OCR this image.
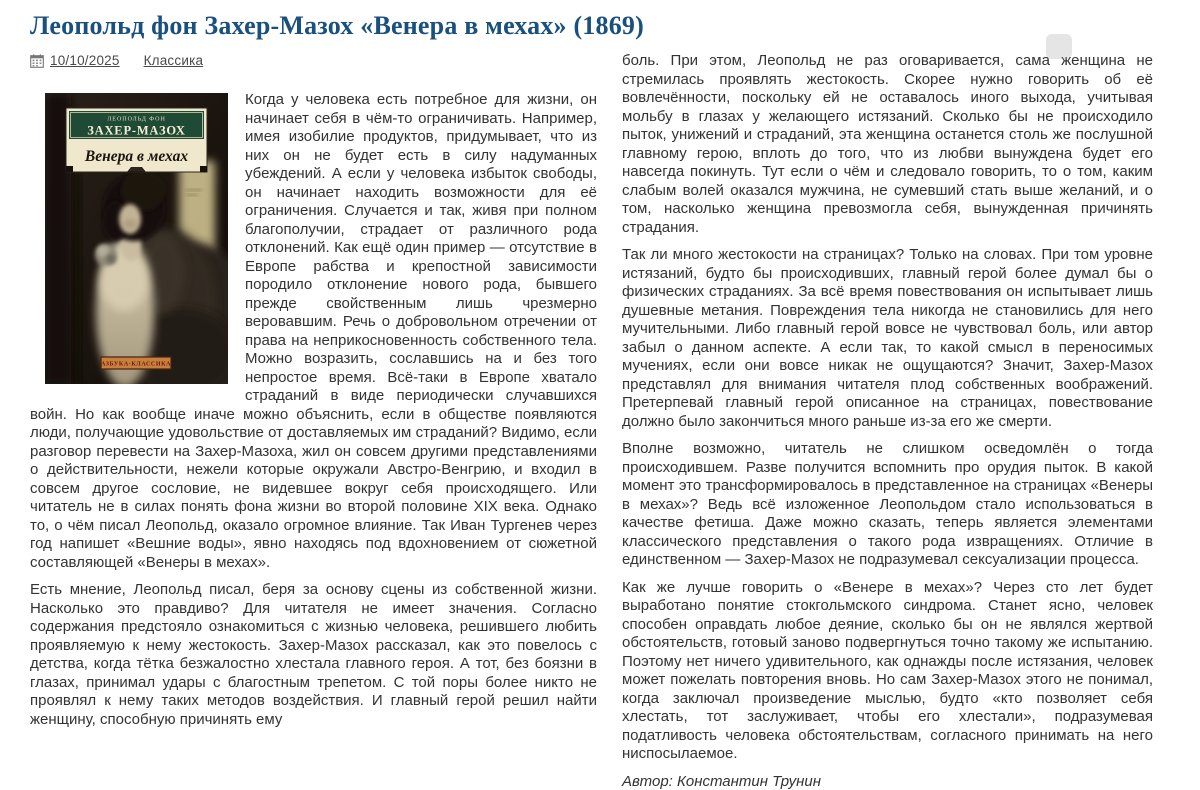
Леопольд фон Захер-Мазох «Венера в мехах» (1869)
10/10/2025 Классика
ЛЕОПОЛЬД ФОН
ЗАХЕР-МАЗОХ
Венера в мехах
АЗБУКА-КЛАССИКА

Когда у человека есть потребное для жизни, он начинает себя в чём-то ограничивать. Например, имея изобилие продуктов, придумывает, что из них он не будет есть в силу надуманных убеждений. А если у человека избыток свободы, он начинает находить возможности для её ограничения. Случается и так, живя при полном благополучии, страдает от различного рода отклонений. Как ещё один пример — отсутствие в Европе рабства и крепостной зависимости породило отклонение нового рода, бывшего прежде свойственным лишь чрезмерно веровавшим. Речь о добровольном отречении от права на неприкосновенность собственного тела. Можно возразить, сославшись на и без того непростое время. Всё-таки в Европе хватало страданий в виде периодически случавшихся войн. Но как вообще иначе можно объяснить, если в обществе появляются люди, получающие удовольствие от доставляемых им страданий? Видимо, если разговор перевести на Захер-Мазоха, жил он совсем другими представлениями о действительности, нежели которые окружали Австро-Венгрию, и входил в совсем другое сословие, не видевшее вокруг себя происходящего. Или читатель не в силах понять фона жизни во второй половине XIX века. Однако то, о чём писал Леопольд, оказало огромное влияние. Так Иван Тургенев через год напишет «Вешние воды», явно находясь под вдохновением от сюжетной составляющей «Венеры в мехах».

Есть мнение, Леопольд писал, беря за основу сцены из собственной жизни. Насколько это правдиво? Для читателя не имеет значения. Согласно содержания предстояло ознакомиться с жизнью человека, решившего любить проявляемую к нему жестокость. Захер-Мазох рассказал, как это повелось с детства, когда тётка безжалостно хлестала главного героя. А тот, без боязни в глазах, принимал удары с благостным трепетом. С той поры более никто не проявлял к нему таких методов воздействия. И главный герой решил найти женщину, способную причинять ему

боль. При этом, Леопольд не раз оговаривается, сама женщина не стремилась проявлять жестокость. Скорее нужно говорить об её вовлечённости, поскольку ей не оставалось иного выхода, учитывая мольбу в глазах у желающего истязаний. Сколько бы не происходило пыток, унижений и страданий, эта женщина останется столь же послушной главному герою, вплоть до того, что из любви вынуждена будет его навсегда покинуть. Тут если о чём и следовало говорить, то о том, каким слабым волей оказался мужчина, не сумевший стать выше желаний, и о том, насколько женщина превозмогла себя, вынужденная причинять страдания.

Так ли много жестокости на страницах? Только на словах. При том уровне истязаний, будто бы происходивших, главный герой более думал бы о физических страданиях. За всё время повествования он испытывает лишь душевные метания. Повреждения тела никогда не становились для него мучительными. Либо главный герой вовсе не чувствовал боль, или автор забыл о данном аспекте. А если так, то какой смысл в переносимых мучениях, если они вовсе никак не ощущаются? Значит, Захер-Мазох представлял для внимания читателя плод собственных воображений. Претерпевай главный герой описанное на страницах, повествование должно было закончиться много раньше из-за его же смерти.

Вполне возможно, читатель не слишком осведомлён о тогда происходившем. Разве получится вспомнить про орудия пыток. В какой момент это трансформировалось в представленное на страницах «Венеры в мехах»? Ведь всё изложенное Леопольдом стало использоваться в качестве фетиша. Даже можно сказать, теперь является элементами классического представления о такого рода извращениях. Отличие в единственном — Захер-Мазох не подразумевал сексуализации процесса.

Как же лучше говорить о «Венере в мехах»? Через сто лет будет выработано понятие стокгольмского синдрома. Станет ясно, человек способен оправдать любое деяние, сколько бы он не являлся жертвой обстоятельств, готовый заново подвергнуться точно такому же испытанию. Поэтому нет ничего удивительного, как однажды после истязания, человек может пожелать повторения вновь. Но сам Захер-Мазох этого не понимал, когда заключал произведение мыслью, будто «кто позволяет себя хлестать, тот заслуживает, чтобы его хлестали», подразумевая податливость человека обстоятельствам, согласного принимать на него ниспосылаемое.

Автор: Константин Трунин
